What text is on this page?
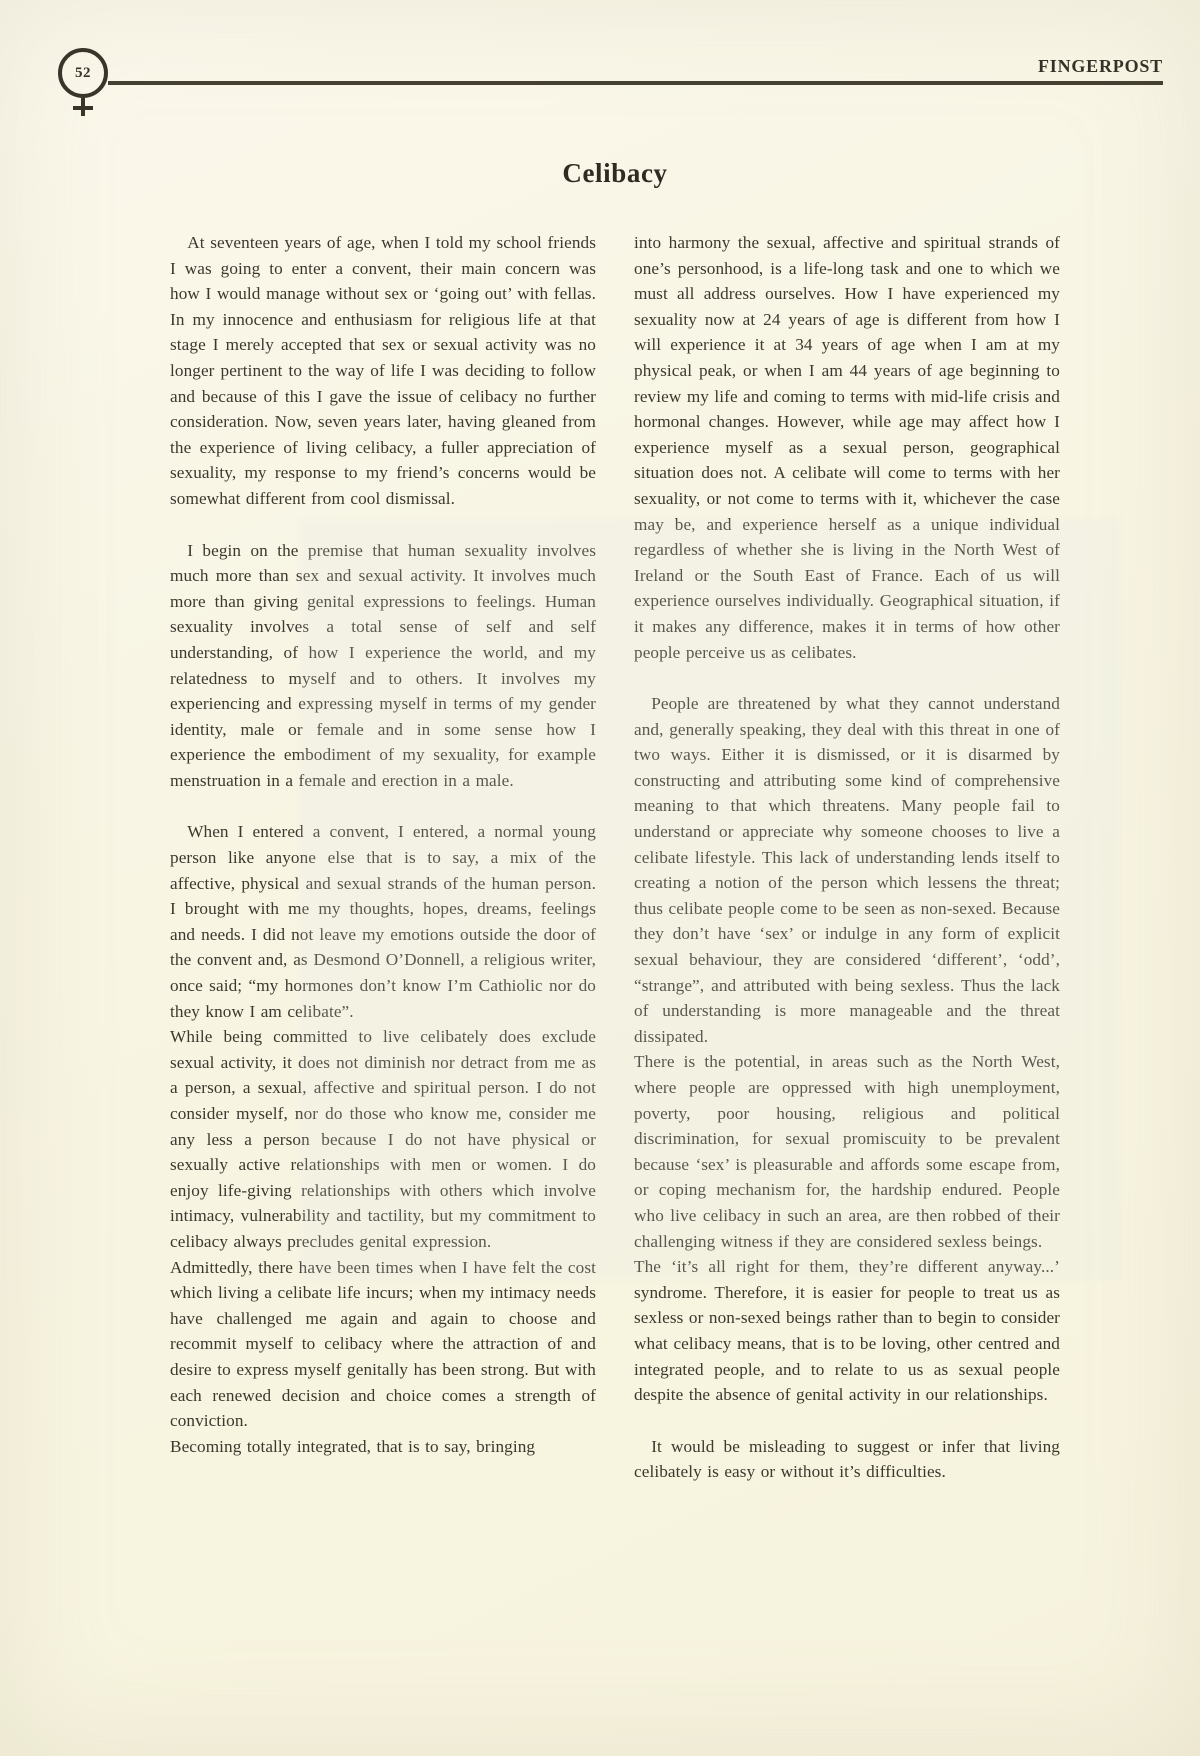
52	FINGERPOST
Celibacy

At seventeen years of age, when I told my school friends I was going to enter a convent, their main concern was how I would manage without sex or ‘going out’ with fellas. In my innocence and enthusiasm for religious life at that stage I merely accepted that sex or sexual activity was no longer pertinent to the way of life I was deciding to follow and because of this I gave the issue of celibacy no further consideration. Now, seven years later, having gleaned from the experience of living celibacy, a fuller appreciation of sexuality, my response to my friend’s concerns would be somewhat different from cool dismissal.

I begin on the premise that human sexuality involves much more than sex and sexual activity. It involves much more than giving genital expressions to feelings. Human sexuality involves a total sense of self and self understanding, of how I experience the world, and my relatedness to myself and to others. It involves my experiencing and expressing myself in terms of my gender identity, male or female and in some sense how I experience the embodiment of my sexuality, for example menstruation in a female and erection in a male.

When I entered a convent, I entered, a normal young person like anyone else that is to say, a mix of the affective, physical and sexual strands of the human person. I brought with me my thoughts, hopes, dreams, feelings and needs. I did not leave my emotions outside the door of the convent and, as Desmond O’Donnell, a religious writer, once said; “my hormones don’t know I’m Cathiolic nor do they know I am celibate”.

While being committed to live celibately does exclude sexual activity, it does not diminish nor detract from me as a person, a sexual, affective and spiritual person. I do not consider myself, nor do those who know me, consider me any less a person because I do not have physical or sexually active relationships with men or women. I do enjoy life-giving relationships with others which involve intimacy, vulnerability and tactility, but my commitment to celibacy always precludes genital expression.

Admittedly, there have been times when I have felt the cost which living a celibate life incurs; when my intimacy needs have challenged me again and again to choose and recommit myself to celibacy where the attraction of and desire to express myself genitally has been strong. But with each renewed decision and choice comes a strength of conviction.

Becoming totally integrated, that is to say, bringing

into harmony the sexual, affective and spiritual strands of one’s personhood, is a life-long task and one to which we must all address ourselves. How I have experienced my sexuality now at 24 years of age is different from how I will experience it at 34 years of age when I am at my physical peak, or when I am 44 years of age beginning to review my life and coming to terms with mid-life crisis and hormonal changes. However, while age may affect how I experience myself as a sexual person, geographical situation does not. A celibate will come to terms with her sexuality, or not come to terms with it, whichever the case may be, and experience herself as a unique individual regardless of whether she is living in the North West of Ireland or the South East of France. Each of us will experience ourselves individually. Geographical situation, if it makes any difference, makes it in terms of how other people perceive us as celibates.

People are threatened by what they cannot understand and, generally speaking, they deal with this threat in one of two ways. Either it is dismissed, or it is disarmed by constructing and attributing some kind of comprehensive meaning to that which threatens. Many people fail to understand or appreciate why someone chooses to live a celibate lifestyle. This lack of understanding lends itself to creating a notion of the person which lessens the threat; thus celibate people come to be seen as non-sexed. Because they don’t have ‘sex’ or indulge in any form of explicit sexual behaviour, they are considered ‘different’, ‘odd’, “strange”, and attributed with being sexless. Thus the lack of understanding is more manageable and the threat dissipated.

There is the potential, in areas such as the North West, where people are oppressed with high unemployment, poverty, poor housing, religious and political discrimination, for sexual promiscuity to be prevalent because ‘sex’ is pleasurable and affords some escape from, or coping mechanism for, the hardship endured. People who live celibacy in such an area, are then robbed of their challenging witness if they are considered sexless beings.

The ‘it’s all right for them, they’re different anyway...’ syndrome. Therefore, it is easier for people to treat us as sexless or non-sexed beings rather than to begin to consider what celibacy means, that is to be loving, other centred and integrated people, and to relate to us as sexual people despite the absence of genital activity in our relationships.

It would be misleading to suggest or infer that living celibately is easy or without it’s difficulties.
